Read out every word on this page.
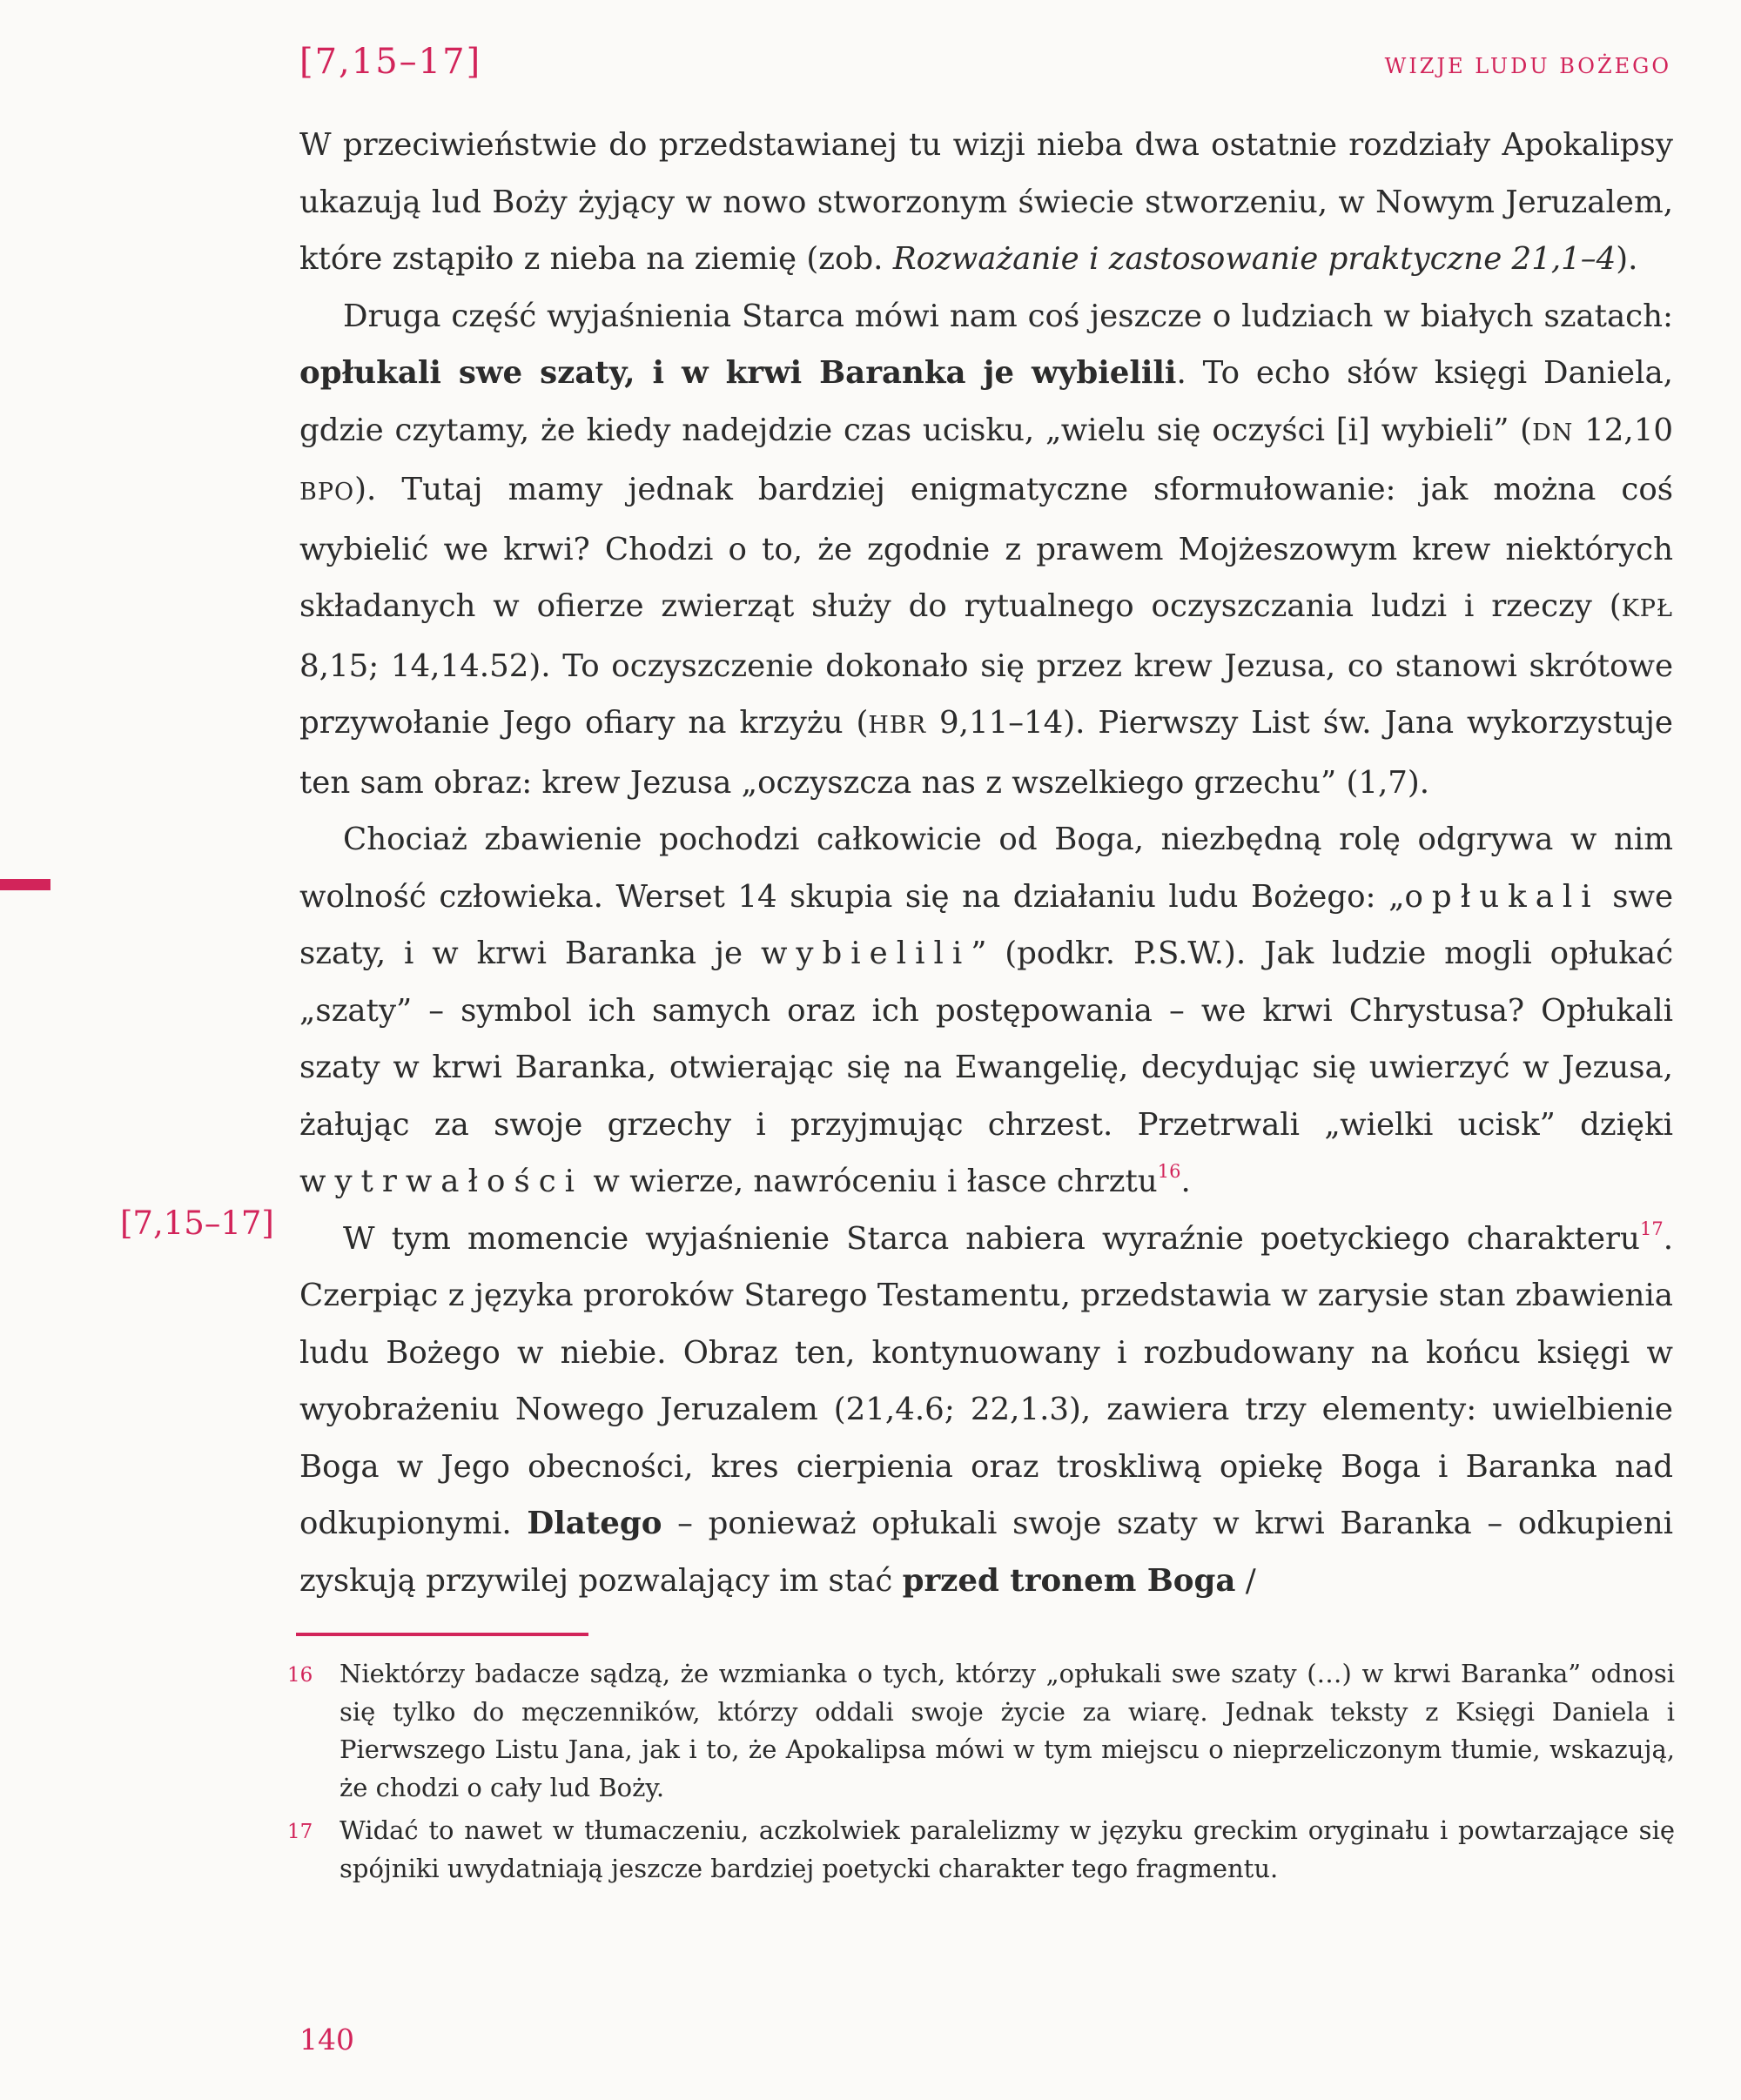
[7,15–17]	WIZJE LUDU BOŻEGO
[7,15–17]

W przeciwieństwie do przedstawianej tu wizji nieba dwa ostatnie rozdziały Apokalipsy ukazują lud Boży żyjący w nowo stworzonym świecie stworzeniu, w Nowym Jeruzalem, które zstąpiło z nieba na ziemię (zob. Rozważanie i zastosowanie praktyczne 21,1–4).

Druga część wyjaśnienia Starca mówi nam coś jeszcze o ludziach w białych szatach: opłukali swe szaty, i w krwi Baranka je wybielili. To echo słów księgi Daniela, gdzie czytamy, że kiedy nadejdzie czas ucisku, „wielu się oczyści [i] wybieli” (DN 12,10 BPO). Tutaj mamy jednak bardziej enigmatyczne sformułowanie: jak można coś wybielić we krwi? Chodzi o to, że zgodnie z prawem Mojżeszowym krew niektórych składanych w ofierze zwierząt służy do rytualnego oczyszczania ludzi i rzeczy (KPŁ 8,15; 14,14.52). To oczyszczenie dokonało się przez krew Jezusa, co stanowi skrótowe przywołanie Jego ofiary na krzyżu (HBR 9,11–14). Pierwszy List św. Jana wykorzystuje ten sam obraz: krew Jezusa „oczyszcza nas z wszelkiego grzechu” (1,7).

Chociaż zbawienie pochodzi całkowicie od Boga, niezbędną rolę odgrywa w nim wolność człowieka. Werset 14 skupia się na działaniu ludu Bożego: „opłukali swe szaty, i w krwi Baranka je wybielili” (podkr. P.S.W.). Jak ludzie mogli opłukać „szaty” – symbol ich samych oraz ich postępowania – we krwi Chrystusa? Opłukali szaty w krwi Baranka, otwierając się na Ewangelię, decydując się uwierzyć w Jezusa, żałując za swoje grzechy i przyjmując chrzest. Przetrwali „wielki ucisk” dzięki wytrwałości w wierze, nawróceniu i łasce chrztu$^{16}$.

W tym momencie wyjaśnienie Starca nabiera wyraźnie poetyckiego charakteru$^{17}$. Czerpiąc z języka proroków Starego Testamentu, przedstawia w zarysie stan zbawienia ludu Bożego w niebie. Obraz ten, kontynuowany i rozbudowany na końcu księgi w wyobrażeniu Nowego Jeruzalem (21,4.6; 22,1.3), zawiera trzy elementy: uwielbienie Boga w Jego obecności, kres cierpienia oraz troskliwą opiekę Boga i Baranka nad odkupionymi. Dlatego – ponieważ opłukali swoje szaty w krwi Baranka – odkupieni zyskują przywilej pozwalający im stać przed tronem Boga /

16	Niektórzy badacze sądzą, że wzmianka o tych, którzy „opłukali swe szaty (…) w krwi Baranka” odnosi się tylko do męczenników, którzy oddali swoje życie za wiarę. Jednak teksty z Księgi Daniela i Pierwszego Listu Jana, jak i to, że Apokalipsa mówi w tym miejscu o nieprzeliczonym tłumie, wskazują, że chodzi o cały lud Boży.
17	Widać to nawet w tłumaczeniu, aczkolwiek paralelizmy w języku greckim oryginału i powtarzające się spójniki uwydatniają jeszcze bardziej poetycki charakter tego fragmentu.
140
